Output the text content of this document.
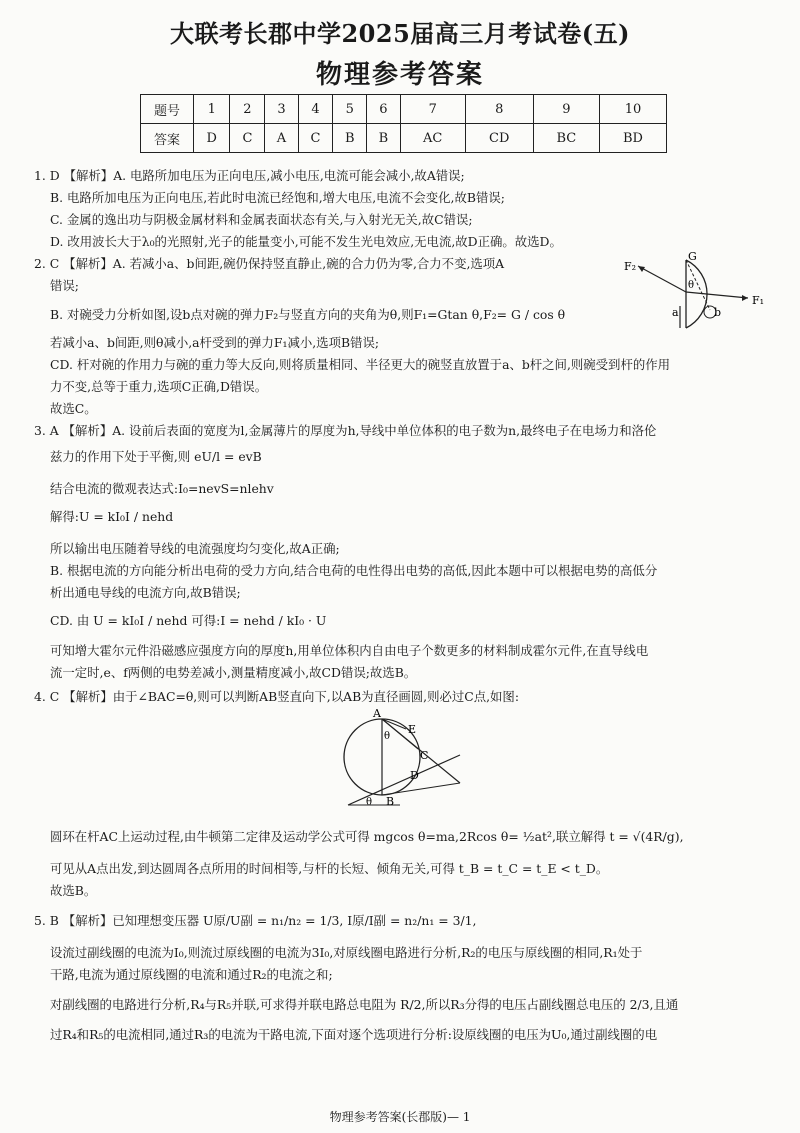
大联考长郡中学2025届高三月考试卷(五)
物理参考答案
题号	1	2	3	4	5	6	7	8	9	10
答案	D	C	A	C	B	B	AC	CD	BC	BD
1. D 【解析】A. 电路所加电压为正向电压,减小电压,电流可能会减小,故A错误;
B. 电路所加电压为正向电压,若此时电流已经饱和,增大电压,电流不会变化,故B错误;
C. 金属的逸出功与阴极金属材料和金属表面状态有关,与入射光无关,故C错误;
D. 改用波长大于λ₀的光照射,光子的能量变小,可能不发生光电效应,无电流,故D正确。故选D。
2. C 【解析】A. 若减小a、b间距,碗仍保持竖直静止,碗的合力仍为零,合力不变,选项A
错误;
B. 对碗受力分析如图,设b点对碗的弹力F₂与竖直方向的夹角为θ,则F₁=Gtan θ,F₂= G / cos θ
若减小a、b间距,则θ减小,a杆受到的弹力F₁减小,选项B错误;
CD. 杆对碗的作用力与碗的重力等大反向,则将质量相同、半径更大的碗竖直放置于a、b杆之间,则碗受到杆的作用
力不变,总等于重力,选项C正确,D错误。
故选C。
F₂
G
θ
F₁
a	b
3. A 【解析】A. 设前后表面的宽度为l,金属薄片的厚度为h,导线中单位体积的电子数为n,最终电子在电场力和洛伦
兹力的作用下处于平衡,则 eU/l = evB
结合电流的微观表达式:I₀=nevS=nlehv
解得:U = kI₀I / nehd
所以输出电压随着导线的电流强度均匀变化,故A正确;
B. 根据电流的方向能分析出电荷的受力方向,结合电荷的电性得出电势的高低,因此本题中可以根据电势的高低分
析出通电导线的电流方向,故B错误;
CD. 由 U = kI₀I / nehd 可得:I = nehd / kI₀ · U
可知增大霍尔元件沿磁感应强度方向的厚度h,用单位体积内自由电子个数更多的材料制成霍尔元件,在直导线电
流一定时,e、f两侧的电势差减小,测量精度减小,故CD错误;故选B。
4. C 【解析】由于∠BAC=θ,则可以判断AB竖直向下,以AB为直径画圆,则必过C点,如图:
A
θ
E
C
D
B
θ
圆环在杆AC上运动过程,由牛顿第二定律及运动学公式可得 mgcos θ=ma,2Rcos θ= ½at²,联立解得 t = √(4R/g),
可见从A点出发,到达圆周各点所用的时间相等,与杆的长短、倾角无关,可得 t_B = t_C = t_E < t_D。
故选B。
5. B 【解析】已知理想变压器 U原/U副 = n₁/n₂ = 1/3, I原/I副 = n₂/n₁ = 3/1,
设流过副线圈的电流为I₀,则流过原线圈的电流为3I₀,对原线圈电路进行分析,R₂的电压与原线圈的相同,R₁处于
干路,电流为通过原线圈的电流和通过R₂的电流之和;
对副线圈的电路进行分析,R₄与R₅并联,可求得并联电路总电阻为 R/2,所以R₃分得的电压占副线圈总电压的 2/3,且通
过R₄和R₅的电流相同,通过R₃的电流为干路电流,下面对逐个选项进行分析:设原线圈的电压为U₀,通过副线圈的电
物理参考答案(长郡版)— 1
